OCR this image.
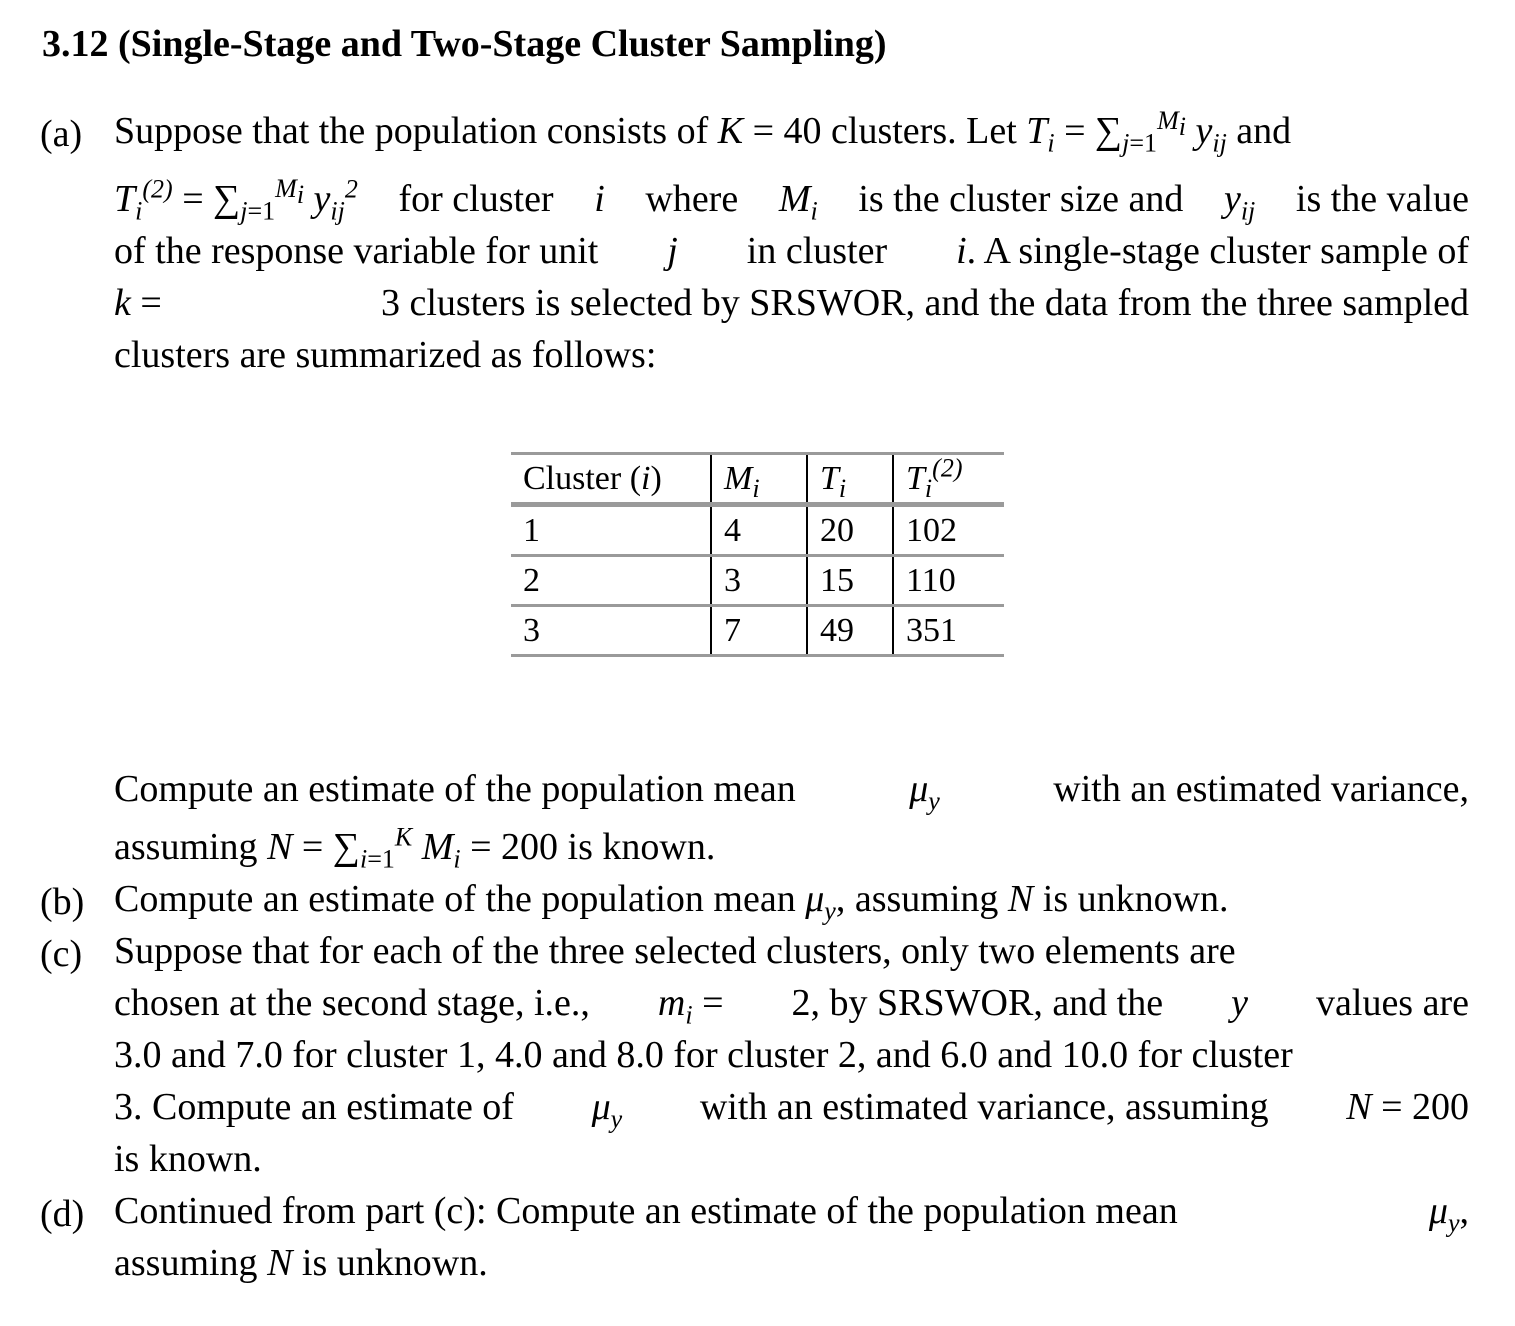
3.12 (Single-Stage and Two-Stage Cluster Sampling)
(a) Suppose that the population consists of K = 40 clusters. Let $T_i = \sum_{j=1}^{M_i}$ $y_{ij}$ and
$T_i^{(2)} = \sum_{j=1}^{M_i}$ $y_{ij}^2$ for cluster i where $M_i$ is the cluster size and $y_{ij}$ is the value
of the response variable for unit j in cluster i. A single-stage cluster sample of
k =	3 clusters is selected by SRSWOR, and the data from the three sampled
clusters are summarized as follows:
Cluster (i)	$M_i$	$T_i$	$T_i^{(2)}$
1	4	20	102
2	3	15	110
3	7	49	351
Compute an estimate of the population mean	$\mu_y$	with an estimated variance,
assuming $N = \sum_{i=1}^K$ $M_i = 200$ is known.
(b) Compute an estimate of the population mean $\mu_y$, assuming N is unknown.
(c) Suppose that for each of the three selected clusters, only two elements are
chosen at the second stage, i.e., $m_i = 2$, by SRSWOR, and the y values are
3.0 and 7.0 for cluster 1, 4.0 and 8.0 for cluster 2, and 6.0 and 10.0 for cluster
3. Compute an estimate of $\mu_y$ with an estimated variance, assuming N = 200
is known.
(d) Continued from part (c): Compute an estimate of the population mean	$\mu_y$,
assuming N is unknown.
